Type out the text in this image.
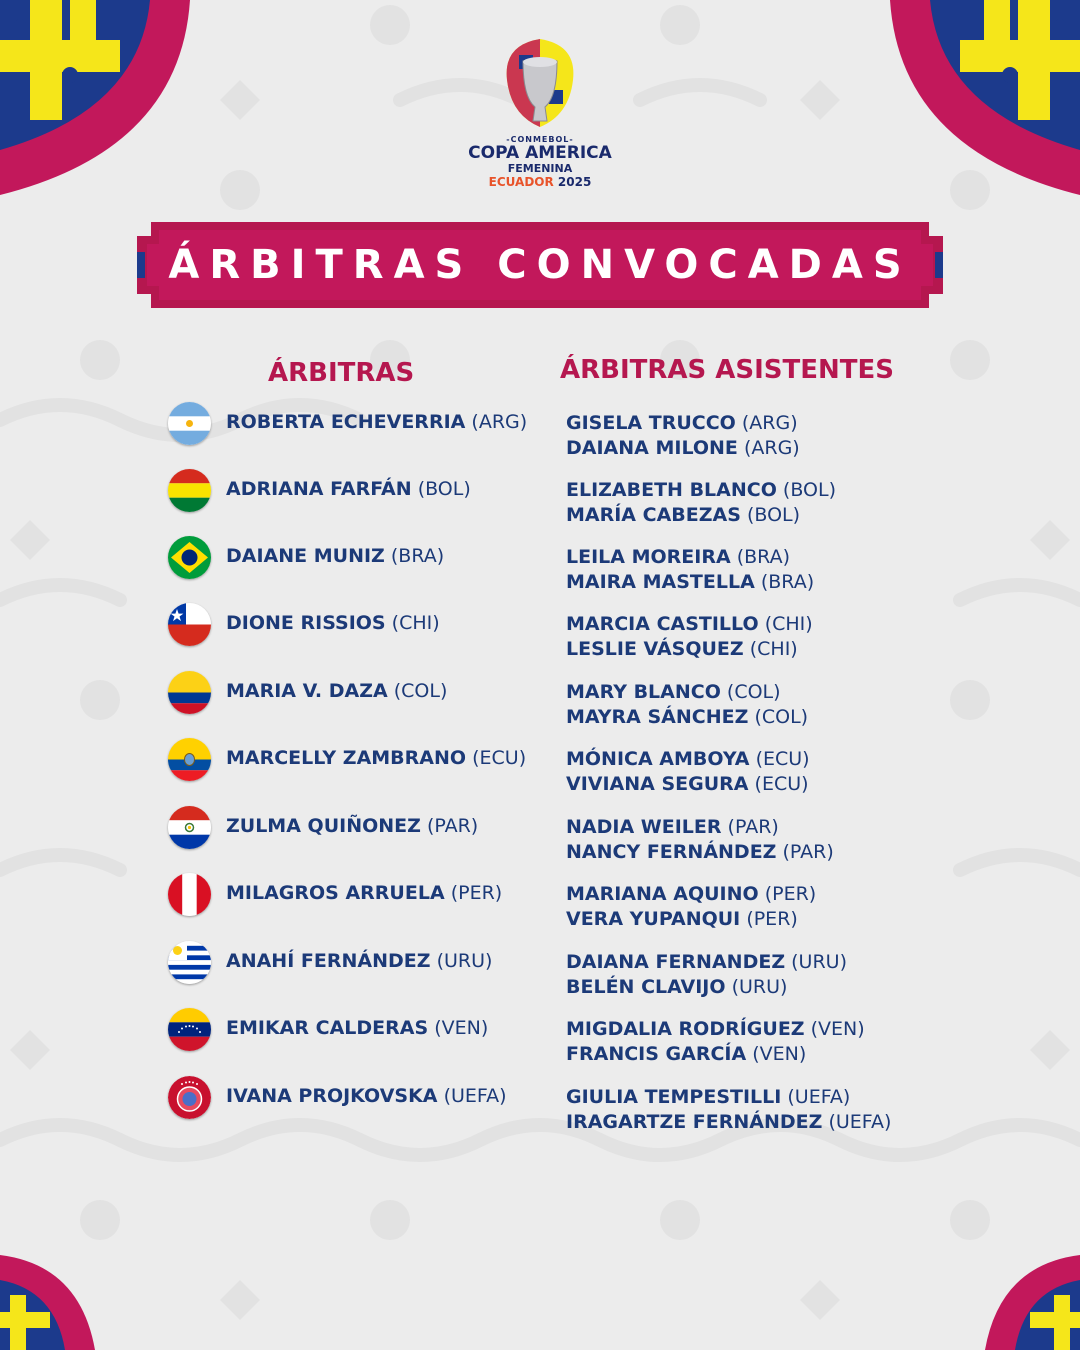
-CONMEBOL-
COPA AMERICA
FEMENINA
ECUADOR 2025
ÁRBITRAS CONVOCADAS
ÁRBITRAS	ÁRBITRAS ASISTENTES
ROBERTA ECHEVERRIA (ARG) GISELA TRUCCO (ARG)
DAIANA MILONE (ARG)
ADRIANA FARFÁN (BOL)	ELIZABETH BLANCO (BOL)
MARÍA CABEZAS (BOL)
DAIANE MUNIZ (BRA)	LEILA MOREIRA (BRA)
MAIRA MASTELLA (BRA)
DIONE RISSIOS (CHI)	MARCIA CASTILLO (CHI)
LESLIE VÁSQUEZ (CHI)
MARIA V. DAZA (COL)	MARY BLANCO (COL)
MAYRA SÁNCHEZ (COL)
MARCELLY ZAMBRANO (ECU) MÓNICA AMBOYA (ECU)
VIVIANA SEGURA (ECU)
ZULMA QUIÑONEZ (PAR)	NADIA WEILER (PAR)
NANCY FERNÁNDEZ (PAR)
MILAGROS ARRUELA (PER)	MARIANA AQUINO (PER)
VERA YUPANQUI (PER)
ANAHÍ FERNÁNDEZ (URU)	DAIANA FERNANDEZ (URU)
BELÉN CLAVIJO (URU)
EMIKAR CALDERAS (VEN)	MIGDALIA RODRÍGUEZ (VEN)
FRANCIS GARCÍA (VEN)
IVANA PROJKOVSKA (UEFA)	GIULIA TEMPESTILLI (UEFA)
IRAGARTZE FERNÁNDEZ (UEFA)
